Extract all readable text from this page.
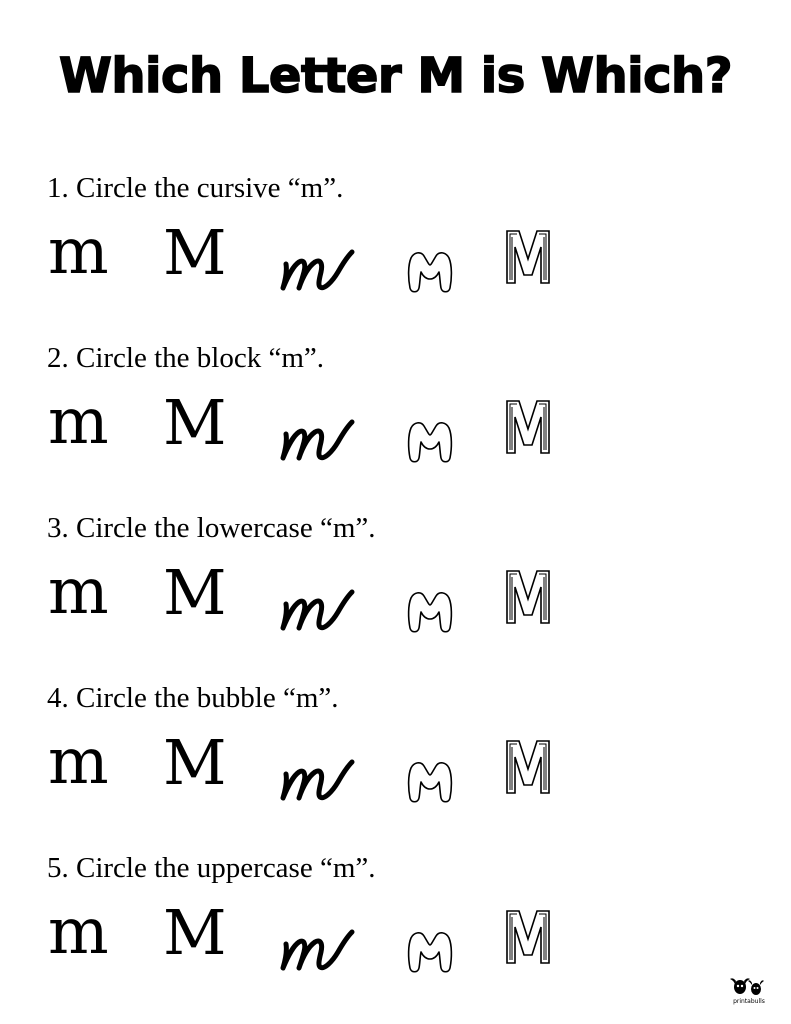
Which Letter M is Which?
1. Circle the cursive “m”.
m M
2. Circle the block “m”.
m M
3. Circle the lowercase “m”.
m M
4. Circle the bubble “m”.
m M
5. Circle the uppercase “m”.
m M
printabulls
